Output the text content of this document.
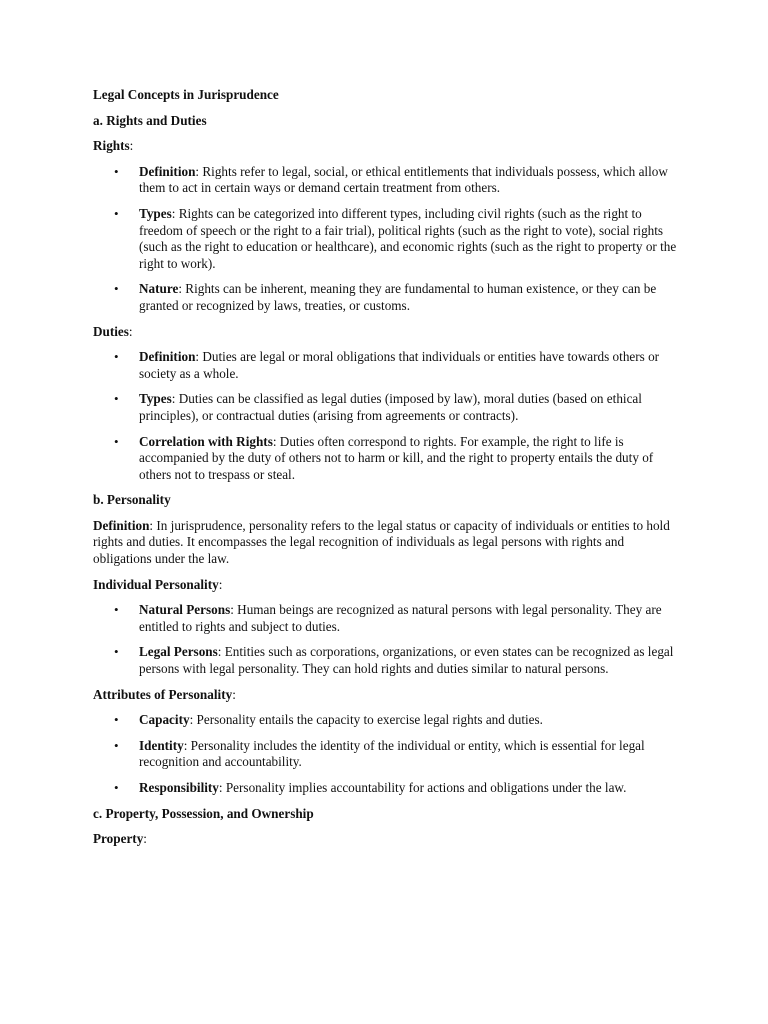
Legal Concepts in Jurisprudence
a. Rights and Duties
Rights:
• Definition: Rights refer to legal, social, or ethical entitlements that individuals possess, which allow them to act in certain ways or demand certain treatment from others.
• Types: Rights can be categorized into different types, including civil rights (such as the right to freedom of speech or the right to a fair trial), political rights (such as the right to vote), social rights (such as the right to education or healthcare), and economic rights (such as the right to property or the right to work).
• Nature: Rights can be inherent, meaning they are fundamental to human existence, or they can be granted or recognized by laws, treaties, or customs.
Duties:
• Definition: Duties are legal or moral obligations that individuals or entities have towards others or society as a whole.
• Types: Duties can be classified as legal duties (imposed by law), moral duties (based on ethical principles), or contractual duties (arising from agreements or contracts).
• Correlation with Rights: Duties often correspond to rights. For example, the right to life is accompanied by the duty of others not to harm or kill, and the right to property entails the duty of others not to trespass or steal.
b. Personality
Definition: In jurisprudence, personality refers to the legal status or capacity of individuals or entities to hold rights and duties. It encompasses the legal recognition of individuals as legal persons with rights and obligations under the law.
Individual Personality:
• Natural Persons: Human beings are recognized as natural persons with legal personality. They are entitled to rights and subject to duties.
• Legal Persons: Entities such as corporations, organizations, or even states can be recognized as legal persons with legal personality. They can hold rights and duties similar to natural persons.
Attributes of Personality:
• Capacity: Personality entails the capacity to exercise legal rights and duties.
• Identity: Personality includes the identity of the individual or entity, which is essential for legal recognition and accountability.
• Responsibility: Personality implies accountability for actions and obligations under the law.
c. Property, Possession, and Ownership
Property:
